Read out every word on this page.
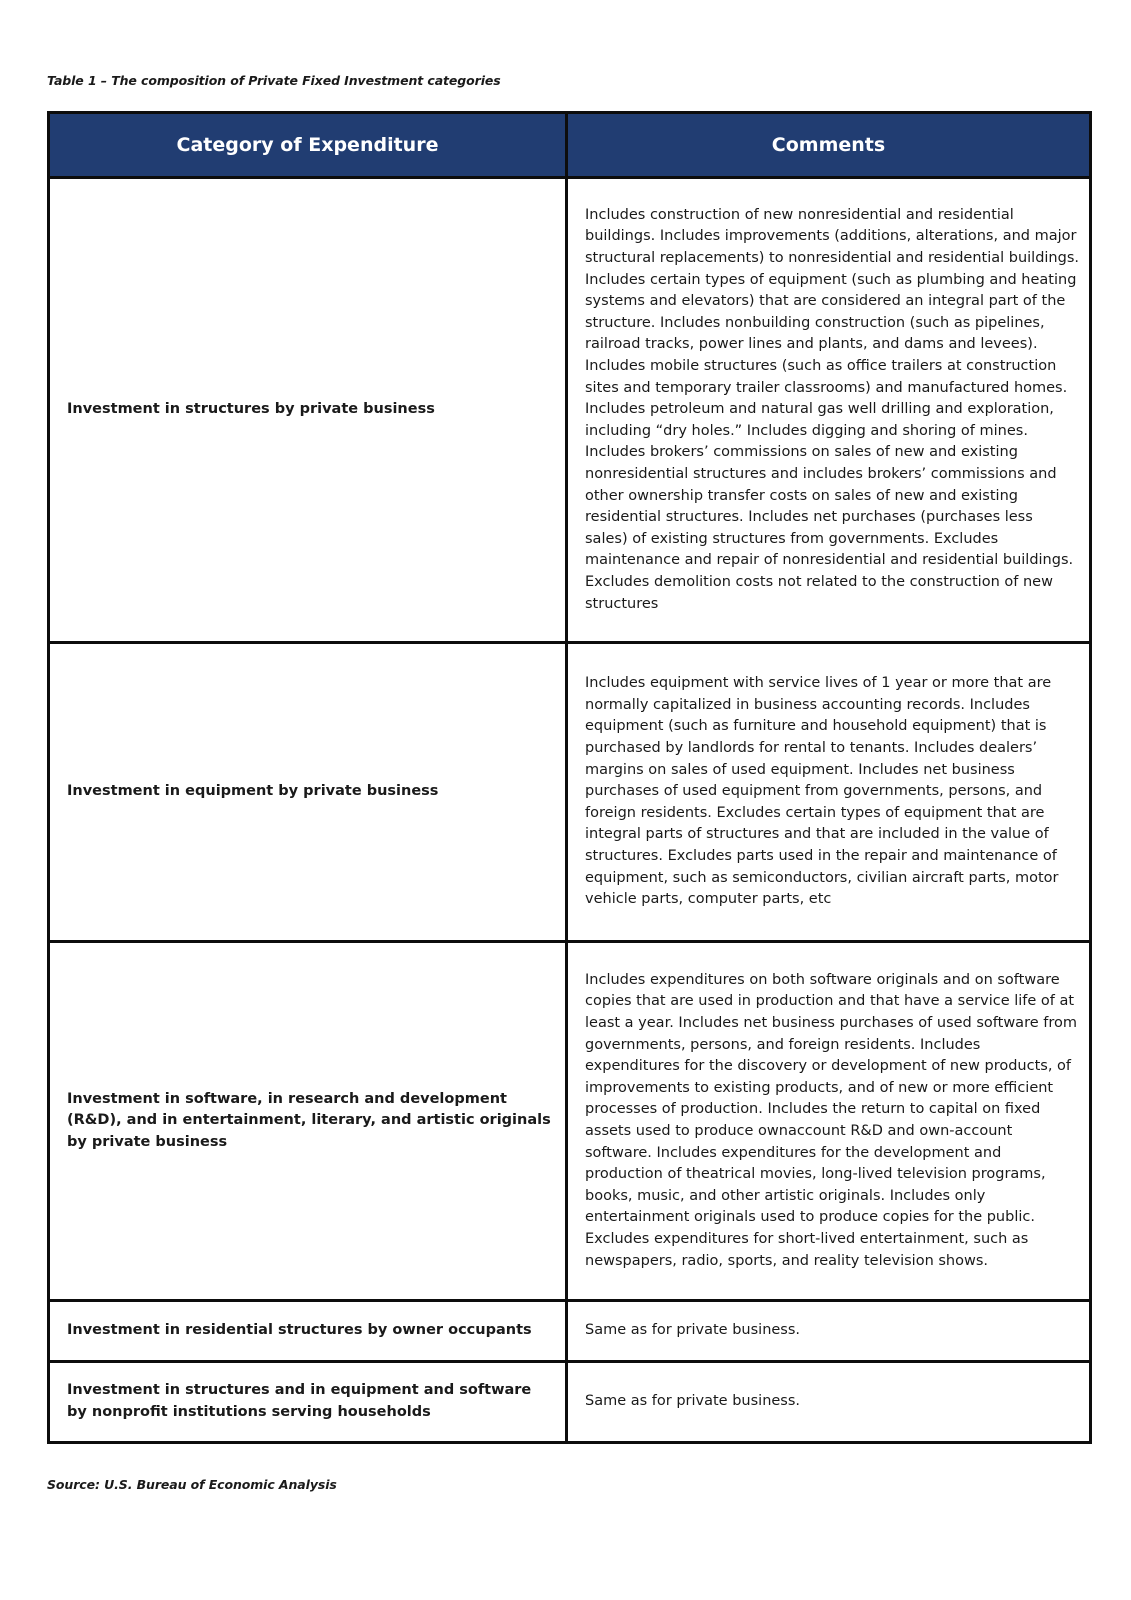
Table 1 – The composition of Private Fixed Investment categories
Category of Expenditure	Comments
Investment in structures by private business	Includes construction of new nonresidential and residential buildings. Includes improvements (additions, alterations, and major structural replacements) to nonresidential and residential buildings. Includes certain types of equipment (such as plumbing and heating systems and elevators) that are considered an integral part of the structure. Includes nonbuilding construction (such as pipelines, railroad tracks, power lines and plants, and dams and levees). Includes mobile structures (such as office trailers at construction sites and temporary trailer classrooms) and manufactured homes. Includes petroleum and natural gas well drilling and exploration, including “dry holes.” Includes digging and shoring of mines. Includes brokers’ commissions on sales of new and existing nonresidential structures and includes brokers’ commissions and other ownership transfer costs on sales of new and existing residential structures. Includes net purchases (purchases less sales) of existing structures from governments. Excludes maintenance and repair of nonresidential and residential buildings. Excludes demolition costs not related to the construction of new structures
Investment in equipment by private business	Includes equipment with service lives of 1 year or more that are normally capitalized in business accounting records. Includes equipment (such as furniture and household equipment) that is purchased by landlords for rental to tenants. Includes dealers’ margins on sales of used equipment. Includes net business purchases of used equipment from governments, persons, and foreign residents. Excludes certain types of equipment that are integral parts of structures and that are included in the value of structures. Excludes parts used in the repair and maintenance of equipment, such as semiconductors, civilian aircraft parts, motor vehicle parts, computer parts, etc
Investment in software, in research and development (R&D), and in entertainment, literary, and artistic originals by private business	Includes expenditures on both software originals and on software copies that are used in production and that have a service life of at least a year. Includes net business purchases of used software from governments, persons, and foreign residents. Includes expenditures for the discovery or development of new products, of improvements to existing products, and of new or more efficient processes of production. Includes the return to capital on fixed assets used to produce ownaccount R&D and own-account software. Includes expenditures for the development and production of theatrical movies, long-lived television programs, books, music, and other artistic originals. Includes only entertainment originals used to produce copies for the public. Excludes expenditures for short-lived entertainment, such as newspapers, radio, sports, and reality television shows.
Investment in residential structures by owner occupants	Same as for private business.
Investment in structures and in equipment and software by nonprofit institutions serving households	Same as for private business.
Source: U.S. Bureau of Economic Analysis
